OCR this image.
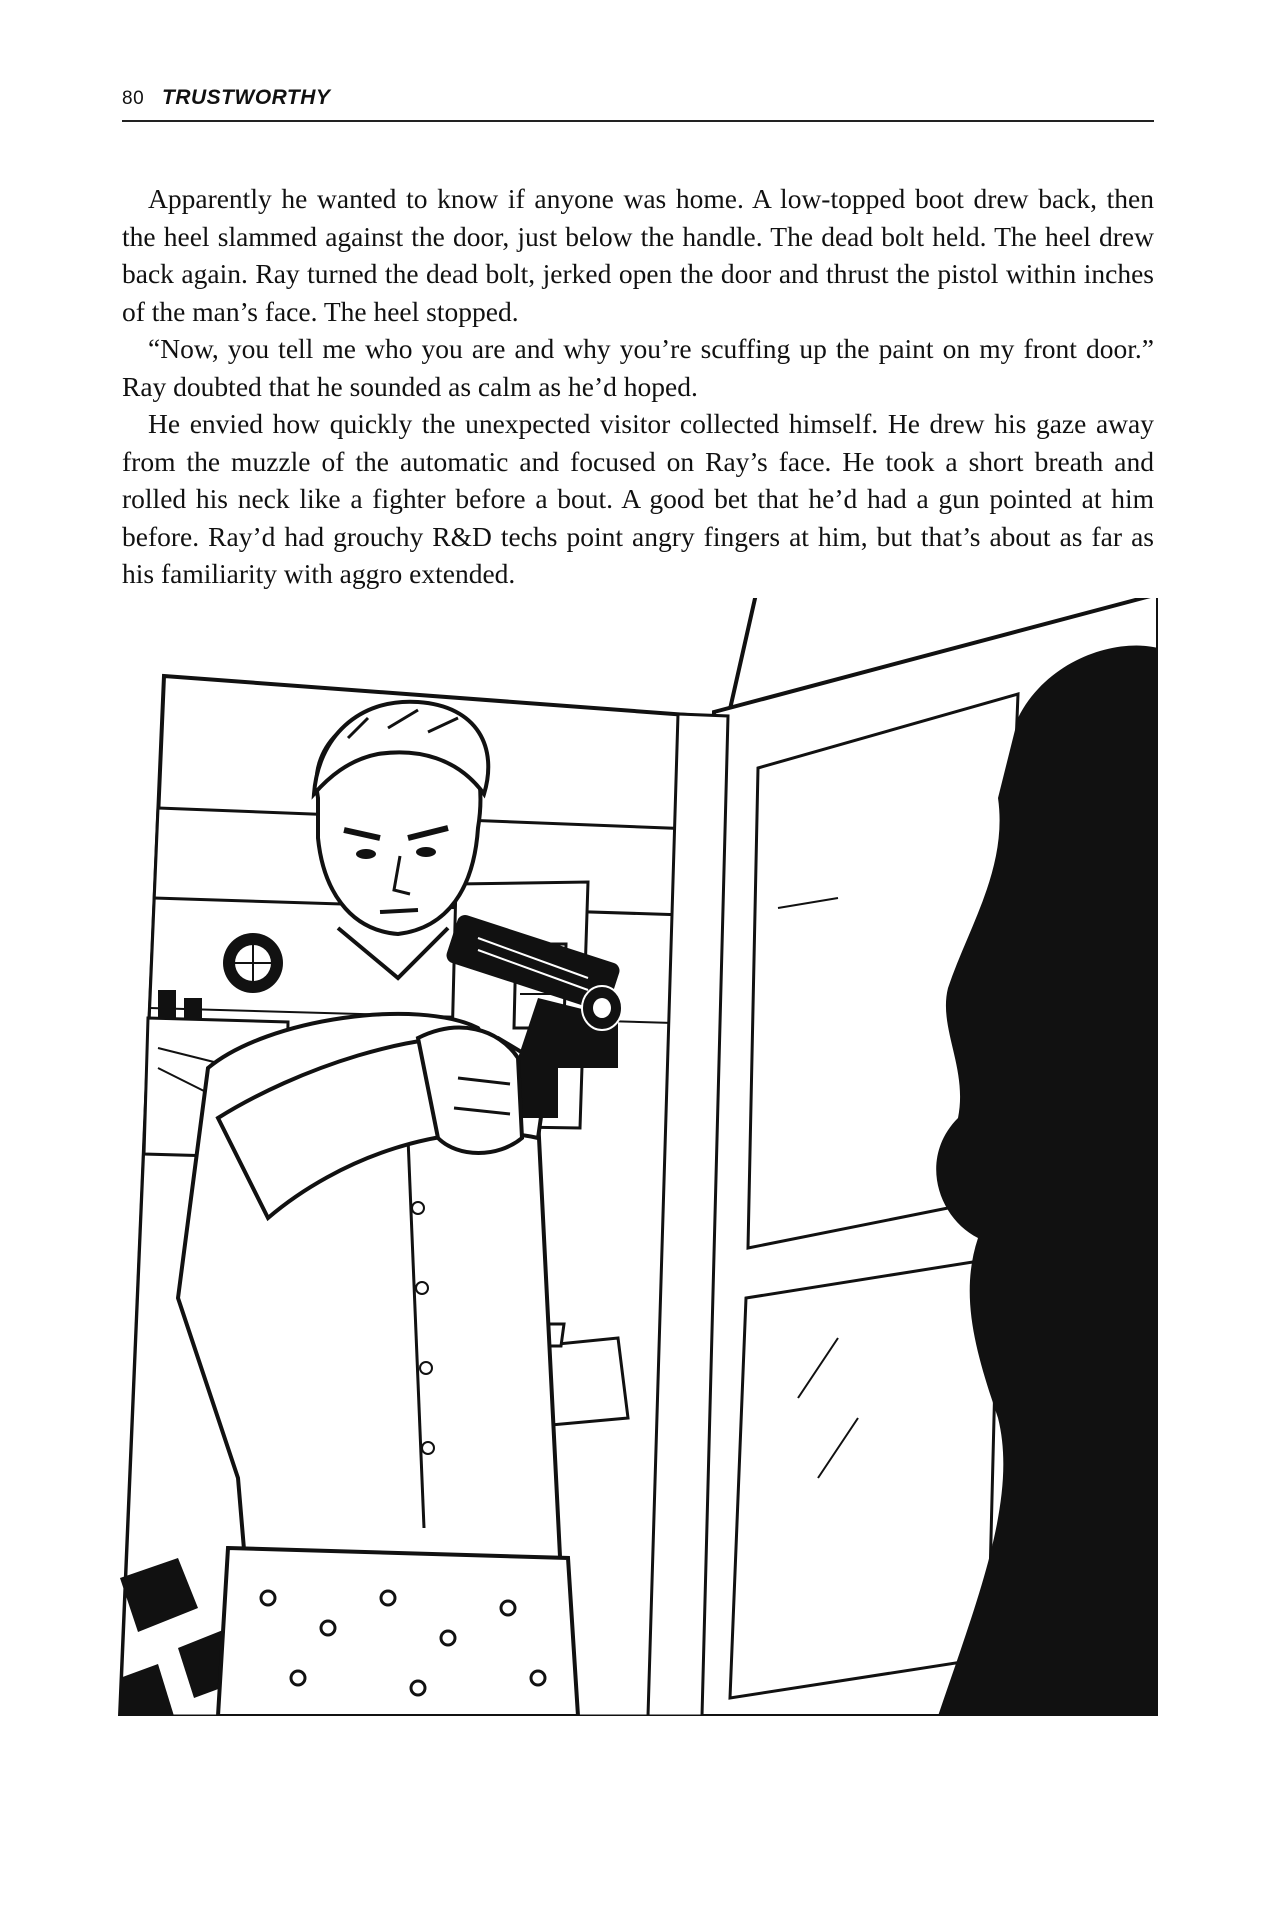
80 TRUSTWORTHY

Apparently he wanted to know if anyone was home. A low-topped boot drew back, then the heel slammed against the door, just below the handle. The dead bolt held. The heel drew back again. Ray turned the dead bolt, jerked open the door and thrust the pistol within inches of the man’s face. The heel stopped.

“Now, you tell me who you are and why you’re scuffing up the paint on my front door.” Ray doubted that he sounded as calm as he’d hoped.

He envied how quickly the unexpected visitor collected himself. He drew his gaze away from the muzzle of the automatic and focused on Ray’s face. He took a short breath and rolled his neck like a fighter before a bout. A good bet that he’d had a gun pointed at him before. Ray’d had grouchy R&D techs point angry fingers at him, but that’s about as far as his familiarity with aggro extended.
